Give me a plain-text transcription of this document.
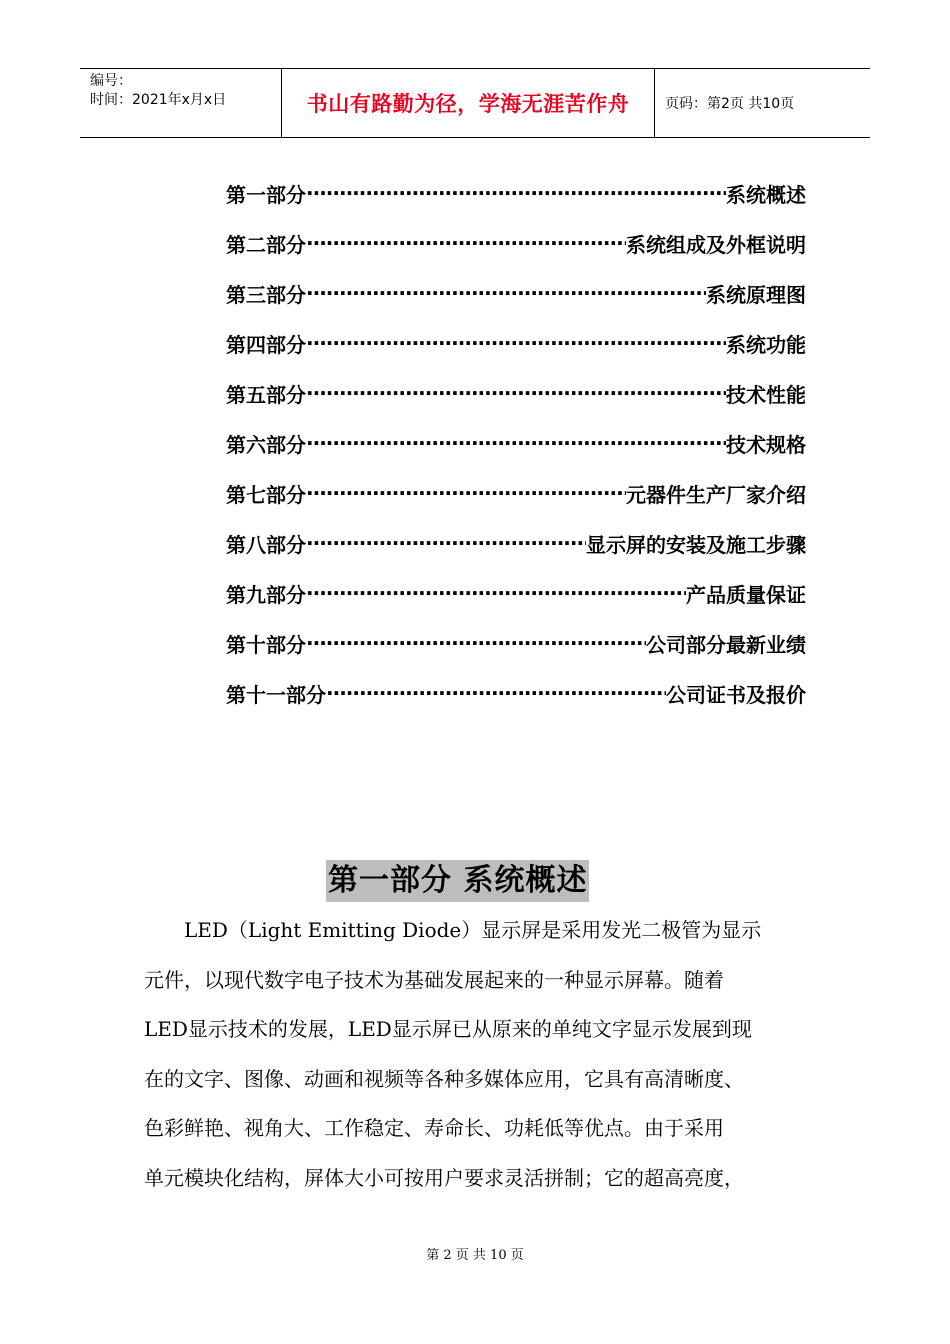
编号：
时间：2021年x月x日	书山有路勤为径，学海无涯苦作舟	页码：第2页 共10页
第一部分 ·····	系统概述
第二部分 ·····	系统组成及外框说明
第三部分 ·····	系统原理图
第四部分 ·····	系统功能
第五部分 ·····	技术性能
第六部分 ·····	技术规格
第七部分 ·····	元器件生产厂家介绍
第八部分 ·····	显示屏的安装及施工步骤
第九部分 ·····	产品质量保证
第十部分 ·····	公司部分最新业绩
第十一部分 ·····	公司证书及报价
第一部分 系统概述
　　LED（Light Emitting Diode）显示屏是采用发光二极管为显示
元件，以现代数字电子技术为基础发展起来的一种显示屏幕。随着
LED显示技术的发展，LED显示屏已从原来的单纯文字显示发展到现
在的文字、图像、动画和视频等各种多媒体应用，它具有高清晰度、
色彩鲜艳、视角大、工作稳定、寿命长、功耗低等优点。由于采用
单元模块化结构，屏体大小可按用户要求灵活拼制；它的超高亮度，
第 2 页 共 10 页
